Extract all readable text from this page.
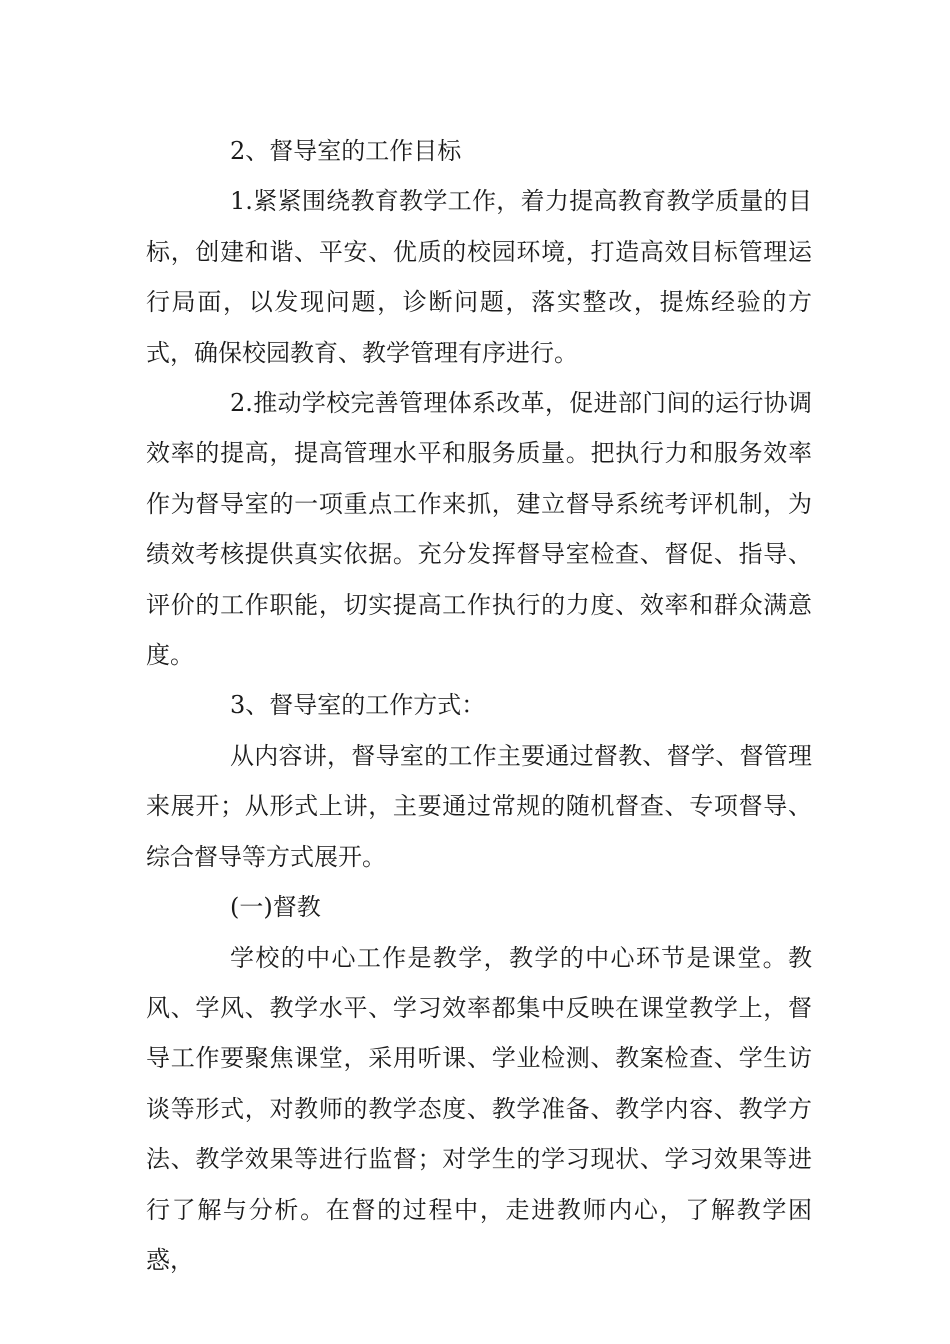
2、督导室的工作目标

1.紧紧围绕教育教学工作，着力提高教育教学质量的目标，创建和谐、平安、优质的校园环境，打造高效目标管理运行局面，以发现问题，诊断问题，落实整改，提炼经验的方式，确保校园教育、教学管理有序进行。

2.推动学校完善管理体系改革，促进部门间的运行协调效率的提高，提高管理水平和服务质量。把执行力和服务效率作为督导室的一项重点工作来抓，建立督导系统考评机制，为绩效考核提供真实依据。充分发挥督导室检查、督促、指导、评价的工作职能，切实提高工作执行的力度、效率和群众满意度。

3、督导室的工作方式：

从内容讲，督导室的工作主要通过督教、督学、督管理来展开；从形式上讲，主要通过常规的随机督查、专项督导、综合督导等方式展开。

(一)督教

学校的中心工作是教学，教学的中心环节是课堂。教风、学风、教学水平、学习效率都集中反映在课堂教学上，督导工作要聚焦课堂，采用听课、学业检测、教案检查、学生访谈等形式，对教师的教学态度、教学准备、教学内容、教学方法、教学效果等进行监督；对学生的学习现状、学习效果等进行了解与分析。在督的过程中，走进教师内心，了解教学困惑，
